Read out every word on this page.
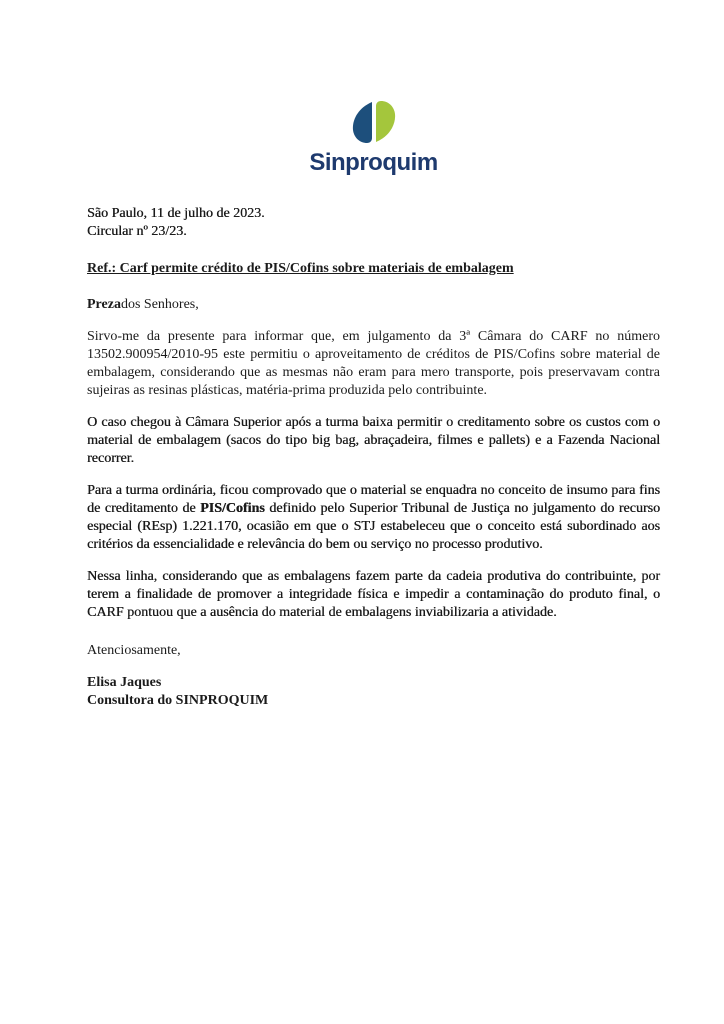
Sinproquim
São Paulo, 11 de julho de 2023.
Circular nº 23/23.
Ref.: Carf permite crédito de PIS/Cofins sobre materiais de embalagem
Prezados Senhores,

Sirvo-me da presente para informar que, em julgamento da 3ª Câmara do CARF no número 13502.900954/2010-95 este permitiu o aproveitamento de créditos de PIS/Cofins sobre material de embalagem, considerando que as mesmas não eram para mero transporte, pois preservavam contra sujeiras as resinas plásticas, matéria-prima produzida pelo contribuinte.

O caso chegou à Câmara Superior após a turma baixa permitir o creditamento sobre os custos com o material de embalagem (sacos do tipo big bag, abraçadeira, filmes e pallets) e a Fazenda Nacional recorrer.

Para a turma ordinária, ficou comprovado que o material se enquadra no conceito de insumo para fins de creditamento de PIS/Cofins definido pelo Superior Tribunal de Justiça no julgamento do recurso especial (REsp) 1.221.170, ocasião em que o STJ estabeleceu que o conceito está subordinado aos critérios da essencialidade e relevância do bem ou serviço no processo produtivo.

Nessa linha, considerando que as embalagens fazem parte da cadeia produtiva do contribuinte, por terem a finalidade de promover a integridade física e impedir a contaminação do produto final, o CARF pontuou que a ausência do material de embalagens inviabilizaria a atividade.

Atenciosamente,
Elisa Jaques
Consultora do SINPROQUIM
